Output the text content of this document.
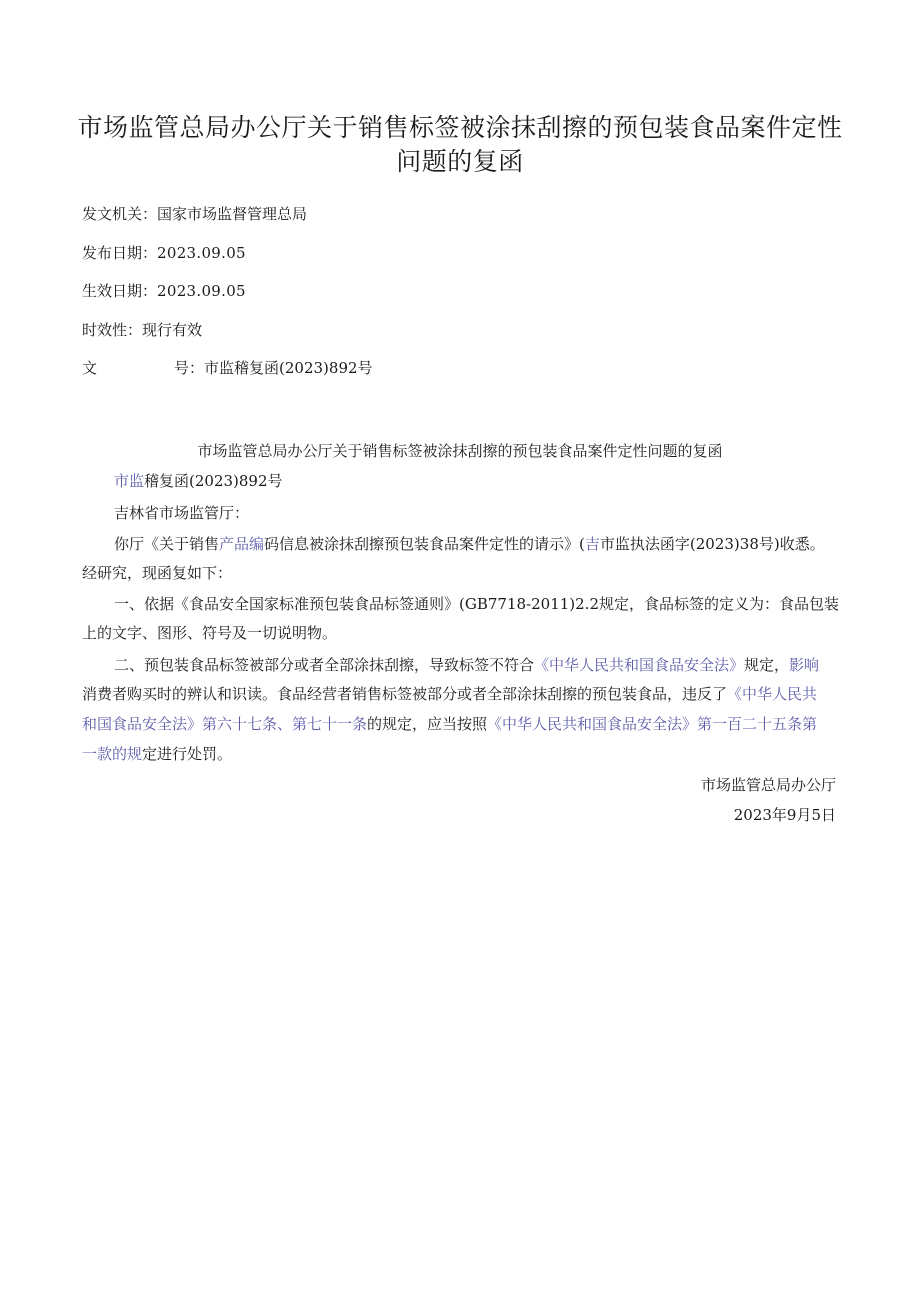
市场监管总局办公厅关于销售标签被涂抹刮擦的预包装食品案件定性
问题的复函
发文机关：国家市场监督管理总局
发布日期：2023.09.05
生效日期：2023.09.05
时效性：现行有效
文	号：市监稽复函(2023)892号
市场监管总局办公厅关于销售标签被涂抹刮擦的预包装食品案件定性问题的复函
市监稽复函(2023)892号
吉林省市场监管厅：
你厅《关于销售产品编码信息被涂抹刮擦预包装食品案件定性的请示》(吉市监执法函字(2023)38号)收悉。
经研究，现函复如下：
一、依据《食品安全国家标准预包装食品标签通则》(GB7718-2011)2.2规定，食品标签的定义为：食品包装
上的文字、图形、符号及一切说明物。
二、预包装食品标签被部分或者全部涂抹刮擦，导致标签不符合《中华人民共和国食品安全法》规定，影响
消费者购买时的辨认和识读。食品经营者销售标签被部分或者全部涂抹刮擦的预包装食品，违反了《中华人民共
和国食品安全法》第六十七条、第七十一条的规定，应当按照《中华人民共和国食品安全法》第一百二十五条第
一款的规定进行处罚。
市场监管总局办公厅
2023年9月5日
